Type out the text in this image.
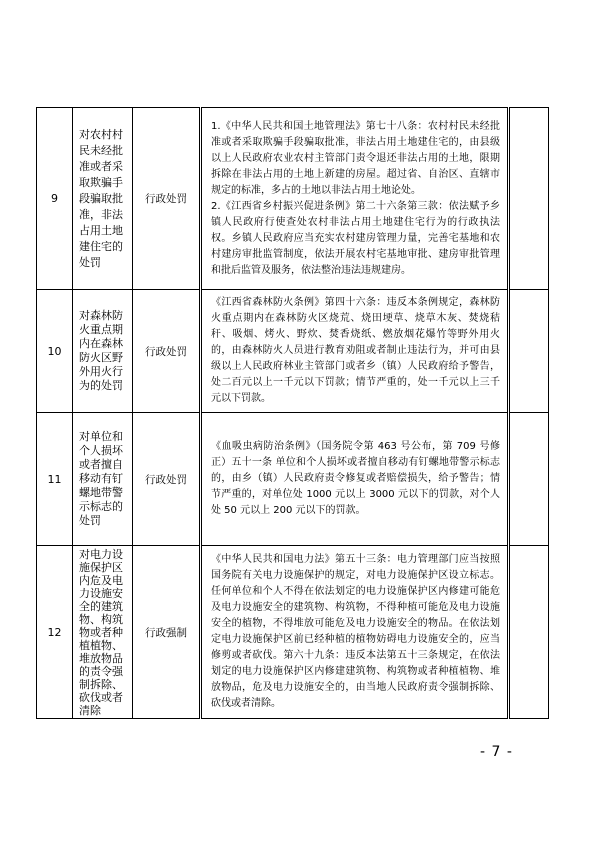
9	对农村村民未经批准或者采取欺骗手段骗取批准，非法占用土地建住宅的处罚	行政处罚	1.《中华人民共和国土地管理法》第七十八条：农村村民未经批准或者采取欺骗手段骗取批准，非法占用土地建住宅的，由县级以上人民政府农业农村主管部门责令退还非法占用的土地，限期拆除在非法占用的土地上新建的房屋。超过省、自治区、直辖市规定的标准，多占的土地以非法占用土地论处。

2.《江西省乡村振兴促进条例》第二十六条第三款：依法赋予乡镇人民政府行使查处农村非法占用土地建住宅行为的行政执法权。乡镇人民政府应当充实农村建房管理力量，完善宅基地和农村建房审批监管制度，依法开展农村宅基地审批、建房审批管理和批后监管及服务，依法整治违法违规建房。	

10	对森林防火重点期内在森林防火区野外用火行为的处罚	行政处罚	《江西省森林防火条例》第四十六条：违反本条例规定，森林防火重点期内在森林防火区烧荒、烧田埂草、烧草木灰、焚烧秸秆、吸烟、烤火、野炊、焚香烧纸、燃放烟花爆竹等野外用火的，由森林防火人员进行教育劝阻或者制止违法行为，并可由县级以上人民政府林业主管部门或者乡（镇）人民政府给予警告，处二百元以上一千元以下罚款；情节严重的，处一千元以上三千元以下罚款。	

11	对单位和个人损坏或者擅自移动有钉螺地带警示标志的处罚	行政处罚	《血吸虫病防治条例》（国务院令第 463 号公布，第 709 号修正）五十一条 单位和个人损坏或者擅自移动有钉螺地带警示标志的，由乡（镇）人民政府责令修复或者赔偿损失，给予警告；情节严重的，对单位处 1000 元以上 3000 元以下的罚款，对个人处 50 元以上 200 元以下的罚款。	

12	对电力设施保护区内危及电力设施安全的建筑物、构筑物或者种植植物、堆放物品的责令强制拆除、砍伐或者清除	行政强制	《中华人民共和国电力法》第五十三条：电力管理部门应当按照国务院有关电力设施保护的规定，对电力设施保护区设立标志。任何单位和个人不得在依法划定的电力设施保护区内修建可能危及电力设施安全的建筑物、构筑物，不得种植可能危及电力设施安全的植物，不得堆放可能危及电力设施安全的物品。在依法划定电力设施保护区前已经种植的植物妨碍电力设施安全的，应当修剪或者砍伐。第六十九条：违反本法第五十三条规定，在依法划定的电力设施保护区内修建建筑物、构筑物或者种植植物、堆放物品，危及电力设施安全的，由当地人民政府责令强制拆除、砍伐或者清除。	

- 7 -
